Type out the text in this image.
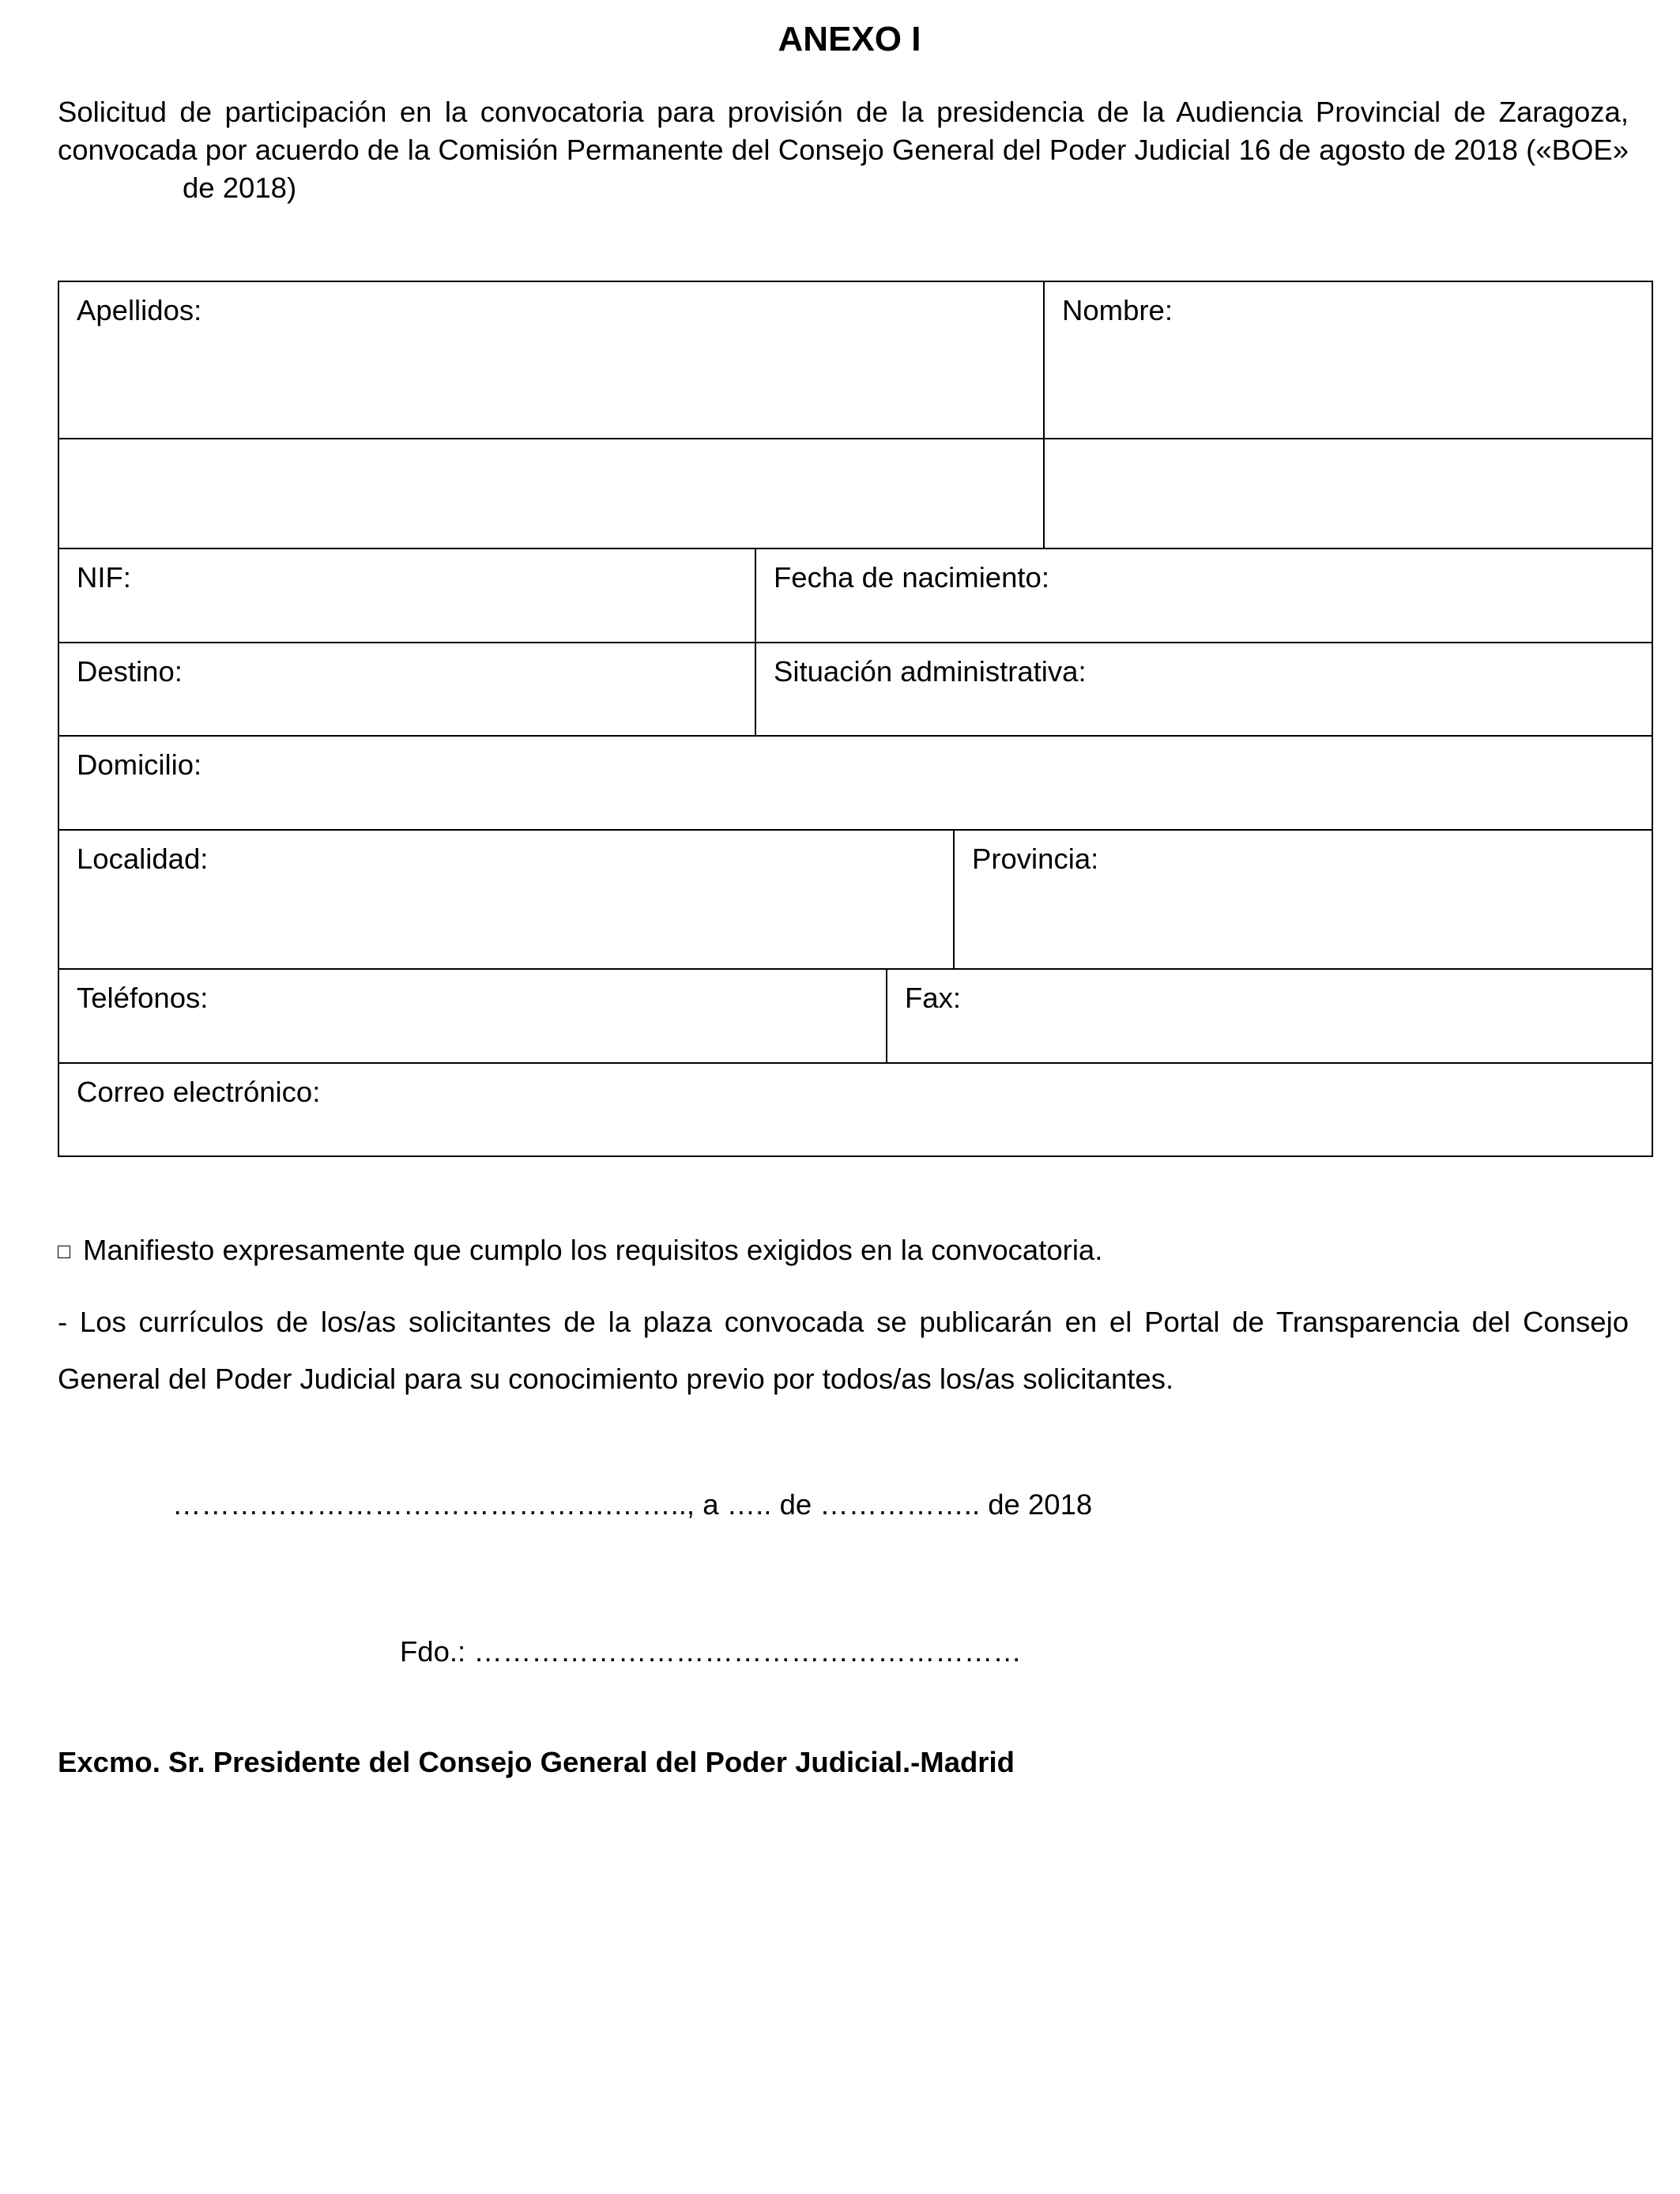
ANEXO I
Solicitud de participación en la convocatoria para provisión de la presidencia de la Audiencia Provincial de Zaragoza, convocada por acuerdo de la Comisión Permanente del Consejo General del Poder Judicial 16 de agosto de 2018 («BOE»de 2018)
Apellidos:	Nombre:
NIF:	Fecha de nacimiento:
Destino:	Situación administrativa:
Domicilio:
Localidad:	Provincia:
Teléfonos:	Fax:
Correo electrónico:
Manifiesto expresamente que cumplo los requisitos exigidos en la convocatoria.
- Los currículos de los/as solicitantes de la plaza convocada se publicarán en el Portal de Transparencia del Consejo General del Poder Judicial para su conocimiento previo por todos/as los/as solicitantes.
……………………………………….…….., a ….. de …………….. de 2018
Fdo.: …………………………………………………
Excmo. Sr. Presidente del Consejo General del Poder Judicial.-Madrid
